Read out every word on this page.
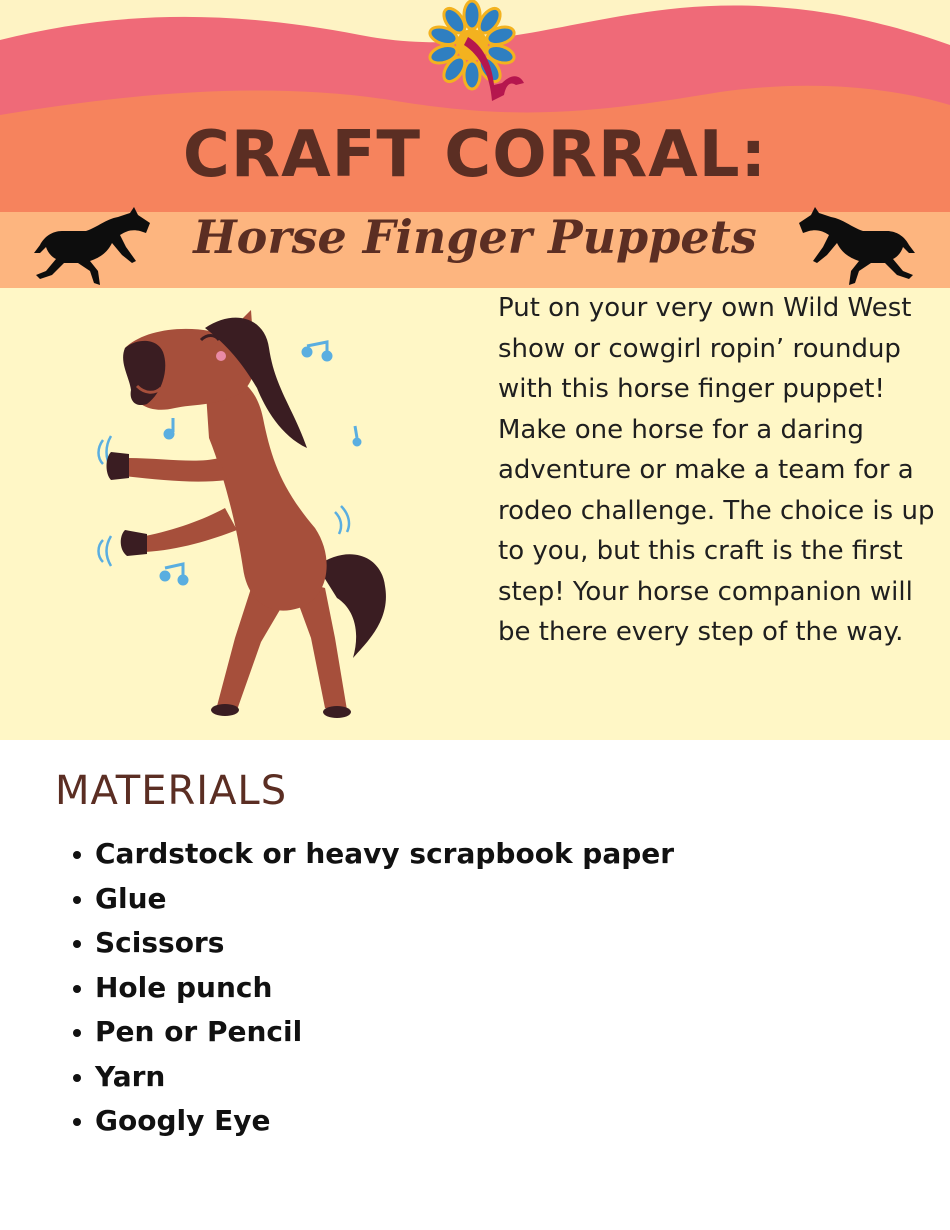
CRAFT CORRAL:
Horse Finger Puppets

Put on your very own Wild West show or cowgirl ropin’ roundup with this horse finger puppet! Make one horse for a daring adventure or make a team for a rodeo challenge. The choice is up to you, but this craft is the first step! Your horse companion will be there every step of the way.

MATERIALS
Cardstock or heavy scrapbook paper
Glue
Scissors
Hole punch
Pen or Pencil
Yarn
Googly Eye
